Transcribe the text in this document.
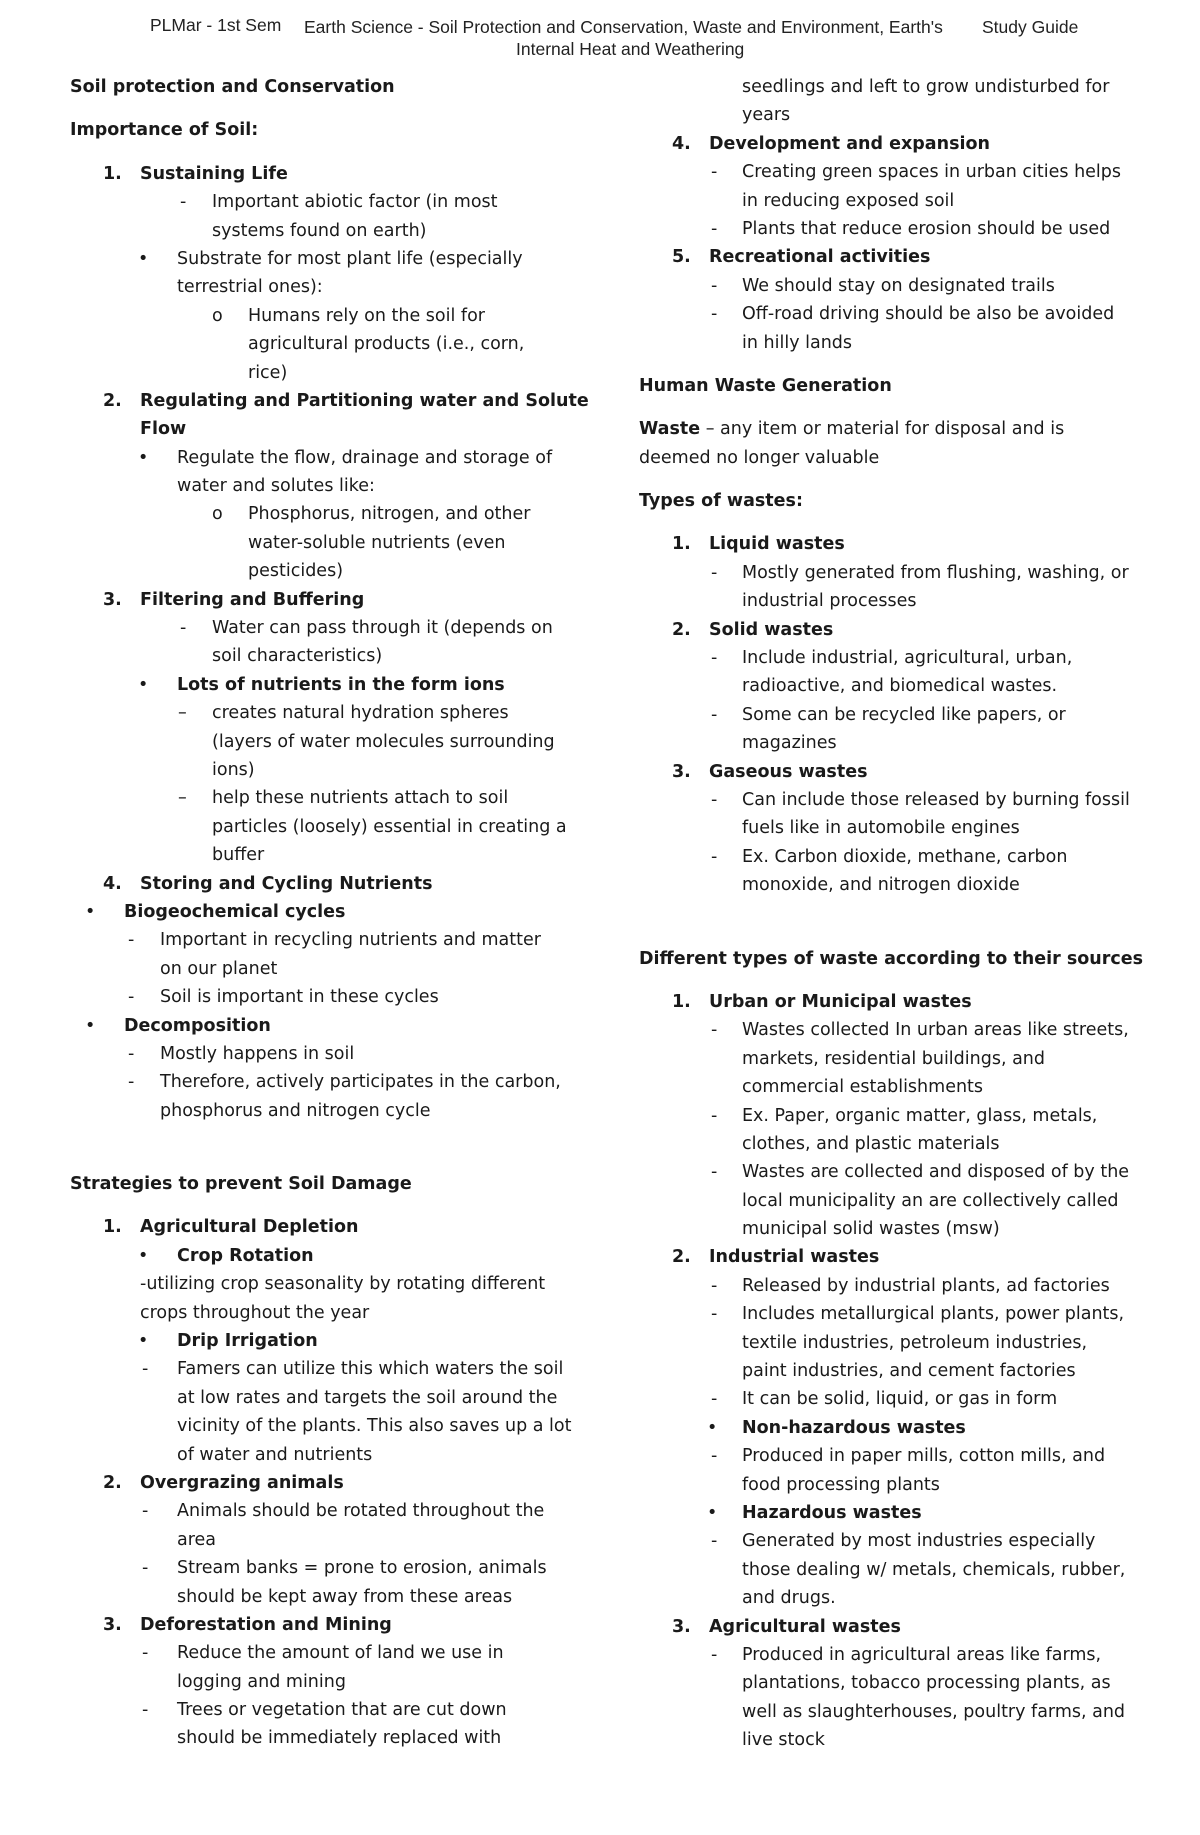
PLMar - 1st Sem Earth Science - Soil Protection and Conservation, Waste and Environment, Earth's
Internal Heat and Weathering
Study Guide
Soil protection and Conservation
Importance of Soil:
1. Sustaining Life
- Important abiotic factor (in most
systems found on earth)
• Substrate for most plant life (especially
terrestrial ones):
o Humans rely on the soil for
agricultural products (i.e., corn,
rice)
2. Regulating and Partitioning water and Solute
Flow
• Regulate the flow, drainage and storage of
water and solutes like:
o Phosphorus, nitrogen, and other
water-soluble nutrients (even
pesticides)
3. Filtering and Buffering
- Water can pass through it (depends on
soil characteristics)
• Lots of nutrients in the form ions
– creates natural hydration spheres
(layers of water molecules surrounding
ions)
– help these nutrients attach to soil
particles (loosely) essential in creating a
buffer
4. Storing and Cycling Nutrients
• Biogeochemical cycles
- Important in recycling nutrients and matter
on our planet
- Soil is important in these cycles
• Decomposition
- Mostly happens in soil
- Therefore, actively participates in the carbon,
phosphorus and nitrogen cycle
Strategies to prevent Soil Damage
1. Agricultural Depletion
• Crop Rotation
-utilizing crop seasonality by rotating different
crops throughout the year
• Drip Irrigation
- Famers can utilize this which waters the soil
at low rates and targets the soil around the
vicinity of the plants. This also saves up a lot
of water and nutrients
2. Overgrazing animals
- Animals should be rotated throughout the
area
- Stream banks = prone to erosion, animals
should be kept away from these areas
3. Deforestation and Mining
- Reduce the amount of land we use in
logging and mining
- Trees or vegetation that are cut down
should be immediately replaced with
seedlings and left to grow undisturbed for
years
4. Development and expansion
- Creating green spaces in urban cities helps
in reducing exposed soil
- Plants that reduce erosion should be used
5. Recreational activities
- We should stay on designated trails
- Off-road driving should be also be avoided
in hilly lands
Human Waste Generation
Waste – any item or material for disposal and is
deemed no longer valuable
Types of wastes:
1. Liquid wastes
- Mostly generated from flushing, washing, or
industrial processes
2. Solid wastes
- Include industrial, agricultural, urban,
radioactive, and biomedical wastes.
- Some can be recycled like papers, or
magazines
3. Gaseous wastes
- Can include those released by burning fossil
fuels like in automobile engines
- Ex. Carbon dioxide, methane, carbon
monoxide, and nitrogen dioxide
Different types of waste according to their sources
1. Urban or Municipal wastes
- Wastes collected In urban areas like streets,
markets, residential buildings, and
commercial establishments
- Ex. Paper, organic matter, glass, metals,
clothes, and plastic materials
- Wastes are collected and disposed of by the
local municipality an are collectively called
municipal solid wastes (msw)
2. Industrial wastes
- Released by industrial plants, ad factories
- Includes metallurgical plants, power plants,
textile industries, petroleum industries,
paint industries, and cement factories
- It can be solid, liquid, or gas in form
• Non-hazardous wastes
- Produced in paper mills, cotton mills, and
food processing plants
• Hazardous wastes
- Generated by most industries especially
those dealing w/ metals, chemicals, rubber,
and drugs.
3. Agricultural wastes
- Produced in agricultural areas like farms,
plantations, tobacco processing plants, as
well as slaughterhouses, poultry farms, and
live stock
